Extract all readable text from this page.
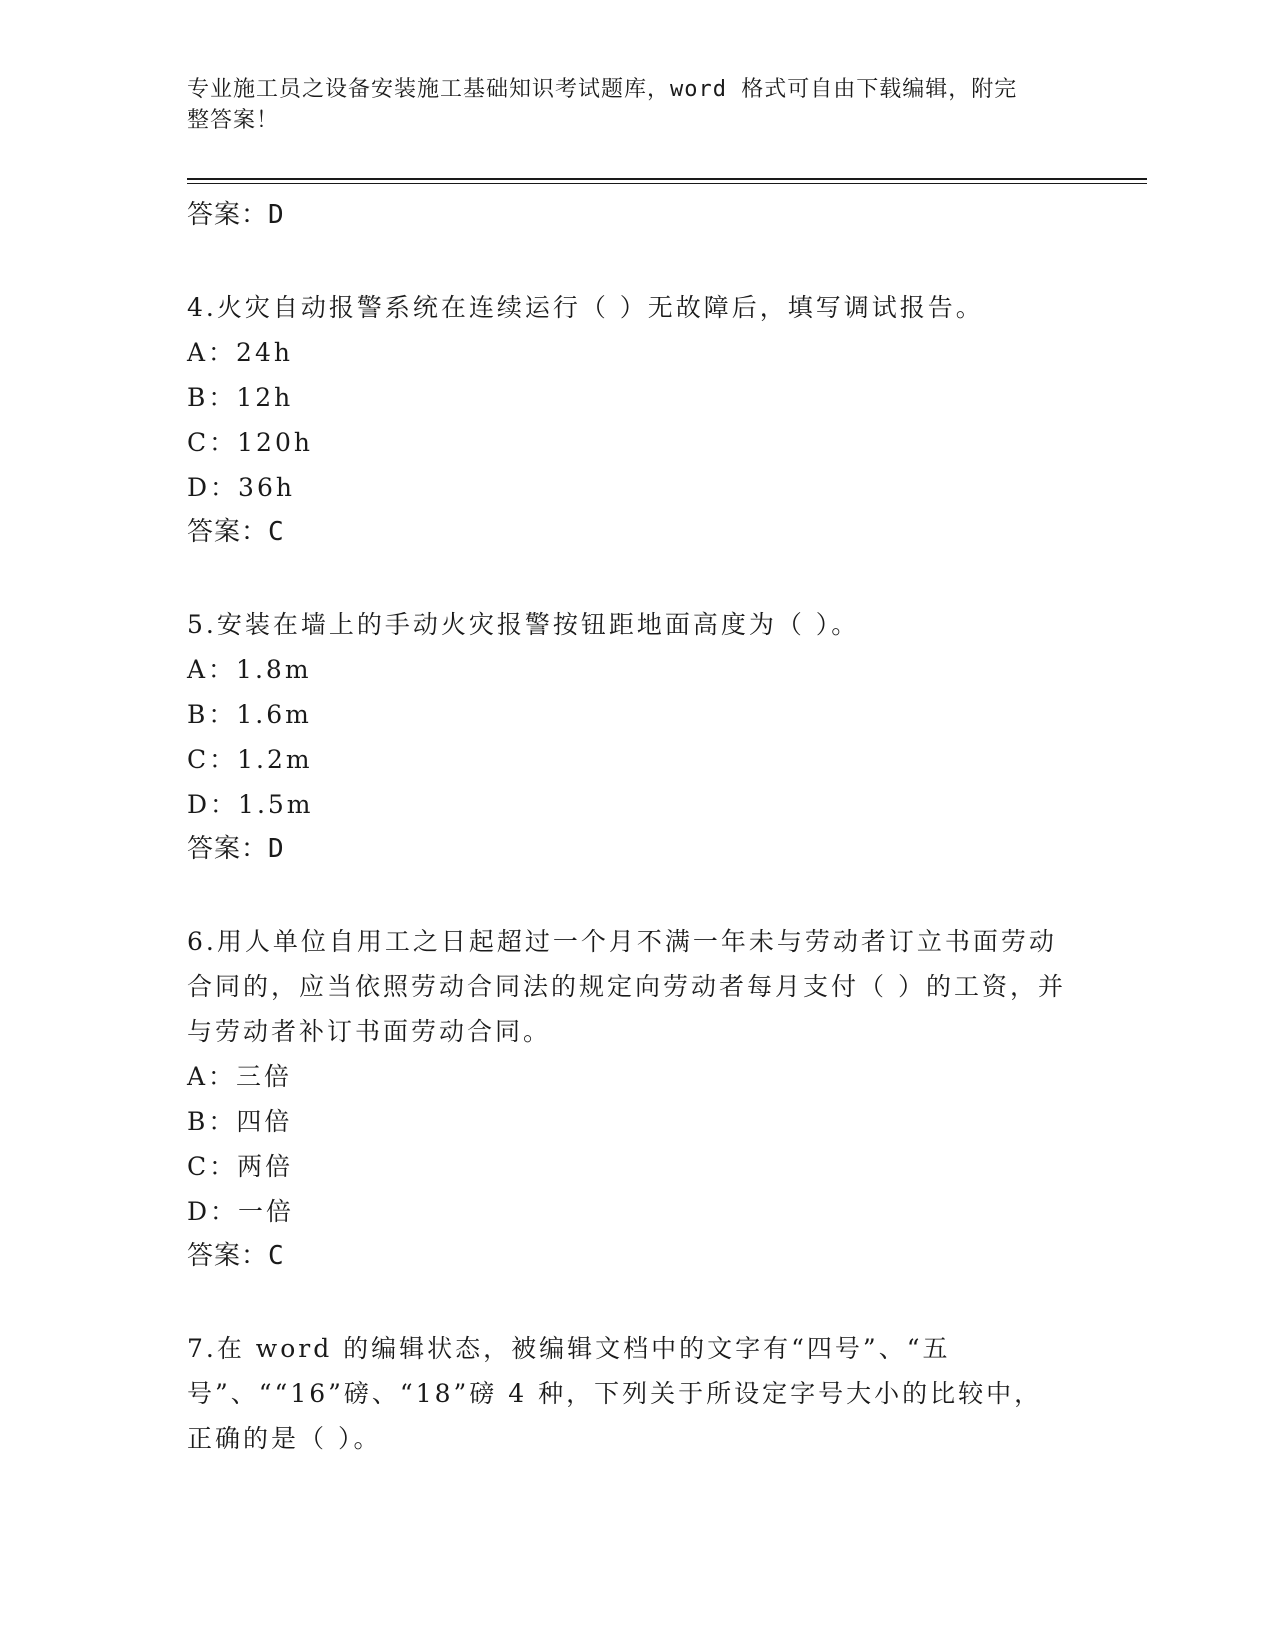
专业施工员之设备安装施工基础知识考试题库，word 格式可自由下载编辑，附完
整答案！

答案：D

4.火灾自动报警系统在连续运行（ ）无故障后，填写调试报告。

A：24h

B：12h

C：120h

D：36h

答案：C

5.安装在墙上的手动火灾报警按钮距地面高度为（ ）。

A：1.8m

B：1.6m

C：1.2m

D：1.5m

答案：D

6.用人单位自用工之日起超过一个月不满一年未与劳动者订立书面劳动合同的，应当依照劳动合同法的规定向劳动者每月支付（ ）的工资，并与劳动者补订书面劳动合同。

A：三倍

B：四倍

C：两倍

D：一倍

答案：C

7.在 word 的编辑状态，被编辑文档中的文字有“四号”、“五号”、““16”磅、“18”磅 4 种，下列关于所设定字号大小的比较中，正确的是（ ）。
